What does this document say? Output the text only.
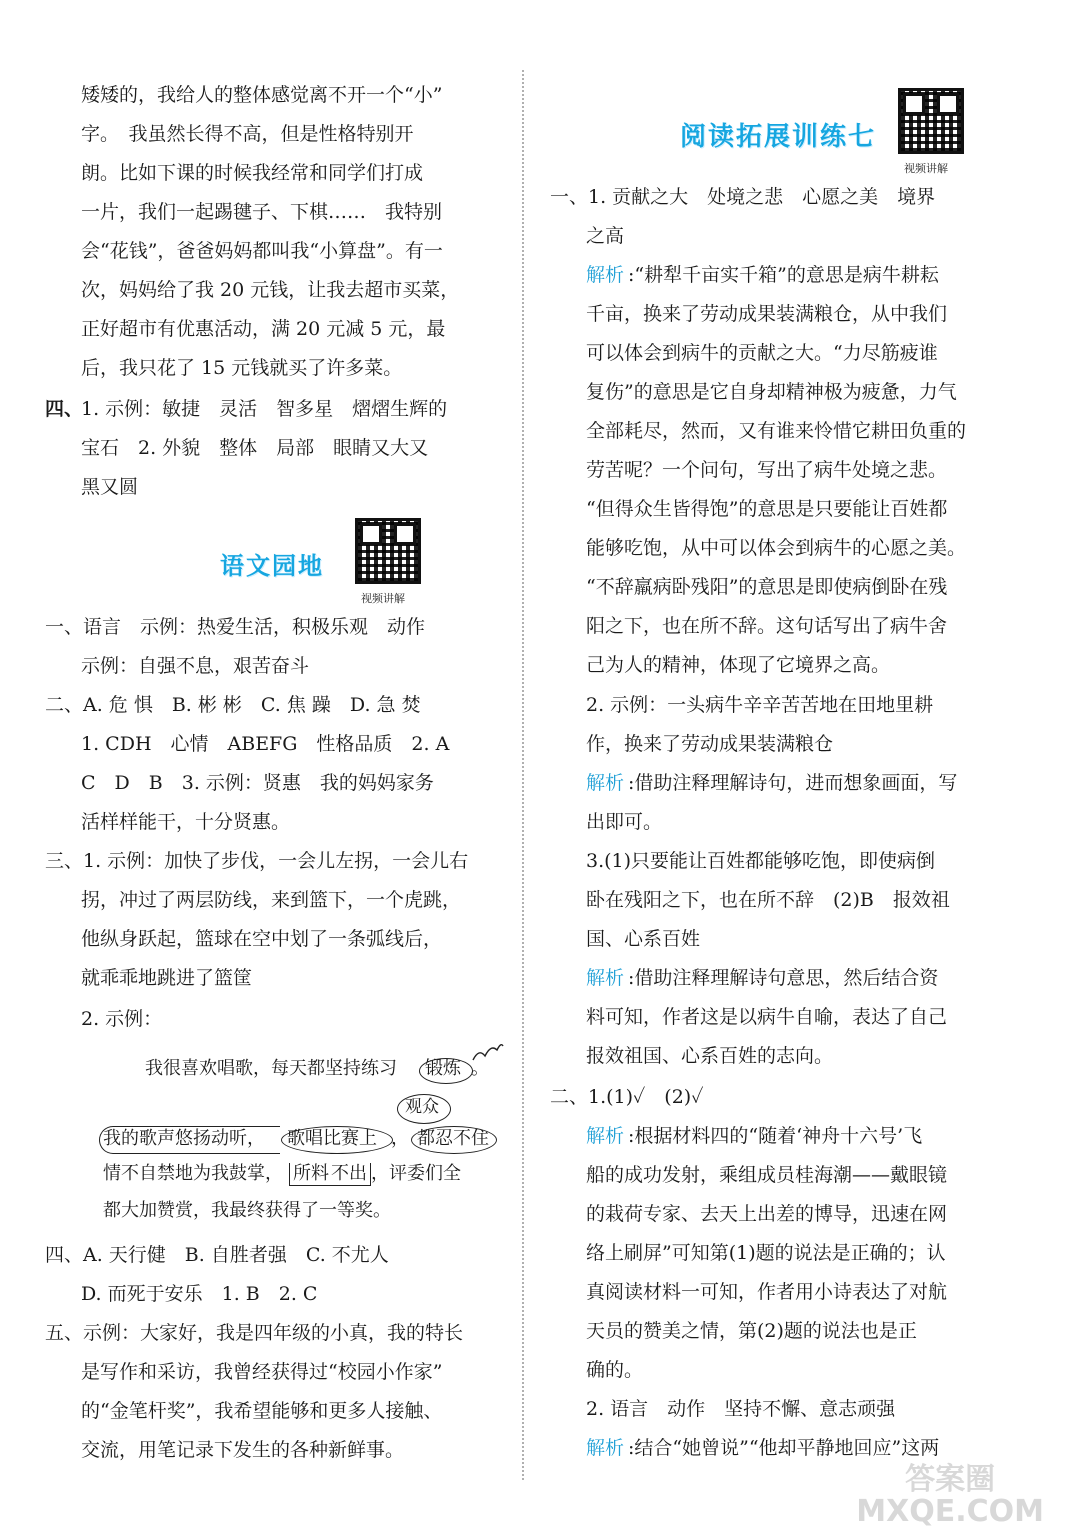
矮矮的，我给人的整体感觉离不开一个“小”
字。　我虽然长得不高，但是性格特别开
朗。比如下课的时候我经常和同学们打成
一片，我们一起踢毽子、下棋……　我特别
会“花钱”，爸爸妈妈都叫我“小算盘”。有一
次，妈妈给了我 20 元钱，让我去超市买菜，
正好超市有优惠活动，满 20 元减 5 元，最
后，我只花了 15 元钱就买了许多菜。
四、
1. 示例：敏捷　灵活　智多星　熠熠生辉的
宝石　2. 外貌　整体　局部　眼睛又大又
黑又圆
语文园地
视频讲解
一、语言　示例：热爱生活，积极乐观　动作
示例：自强不息，艰苦奋斗
二、A. 危 惧　B. 彬 彬　C. 焦 躁　D. 急 焚
1. CDH　心情　ABEFG　性格品质　2. A
C　D　B　3. 示例：贤惠　我的妈妈家务
活样样能干，十分贤惠。
三、1. 示例：加快了步伐，一会儿左拐，一会儿右
拐，冲过了两层防线，来到篮下，一个虎跳，
他纵身跃起，篮球在空中划了一条弧线后，
就乖乖地跳进了篮筐
2. 示例：
我很喜欢唱歌，每天都坚持练习 锻炼 。
观众
我的歌声悠扬动听， 歌唱比赛上 ， 都忍不住
情不自禁地为我鼓掌， 所料 不出 ，评委们全
都大加赞赏，我最终获得了一等奖。
四、A. 天行健　B. 自胜者强　C. 不尤人
D. 而死于安乐　1. B　2. C
五、示例：大家好，我是四年级的小真，我的特长
是写作和采访，我曾经获得过“校园小作家”
的“金笔杆奖”，我希望能够和更多人接触、
交流，用笔记录下发生的各种新鲜事。
阅读拓展训练七
视频讲解
一、1. 贡献之大　处境之悲　心愿之美　境界
之高
解析 :“耕犁千亩实千箱”的意思是病牛耕耘
千亩，换来了劳动成果装满粮仓，从中我们
可以体会到病牛的贡献之大。“力尽筋疲谁
复伤”的意思是它自身却精神极为疲惫，力气
全部耗尽，然而，又有谁来怜惜它耕田负重的
劳苦呢？一个问句，写出了病牛处境之悲。
“但得众生皆得饱”的意思是只要能让百姓都
能够吃饱，从中可以体会到病牛的心愿之美。
“不辞羸病卧残阳”的意思是即使病倒卧在残
阳之下，也在所不辞。这句话写出了病牛舍
己为人的精神，体现了它境界之高。
2. 示例：一头病牛辛辛苦苦地在田地里耕
作，换来了劳动成果装满粮仓
解析 :借助注释理解诗句，进而想象画面，写
出即可。
3.(1)只要能让百姓都能够吃饱，即使病倒
卧在残阳之下，也在所不辞　(2)B　报效祖
国、心系百姓
解析 :借助注释理解诗句意思，然后结合资
料可知，作者这是以病牛自喻，表达了自己
报效祖国、心系百姓的志向。
二、1.(1)✓　(2)✓
解析 :根据材料四的“随着‘神舟十六号’飞
船的成功发射，乘组成员桂海潮——戴眼镜
的栽荷专家、去天上出差的博导，迅速在网
络上刷屏”可知第(1)题的说法是正确的；认
真阅读材料一可知，作者用小诗表达了对航
天员的赞美之情，第(2)题的说法也是正
确的。
2. 语言　动作　坚持不懈、意志顽强
解析 :结合“她曾说”“他却平静地回应”这两
答案圈
MXQE.COM
